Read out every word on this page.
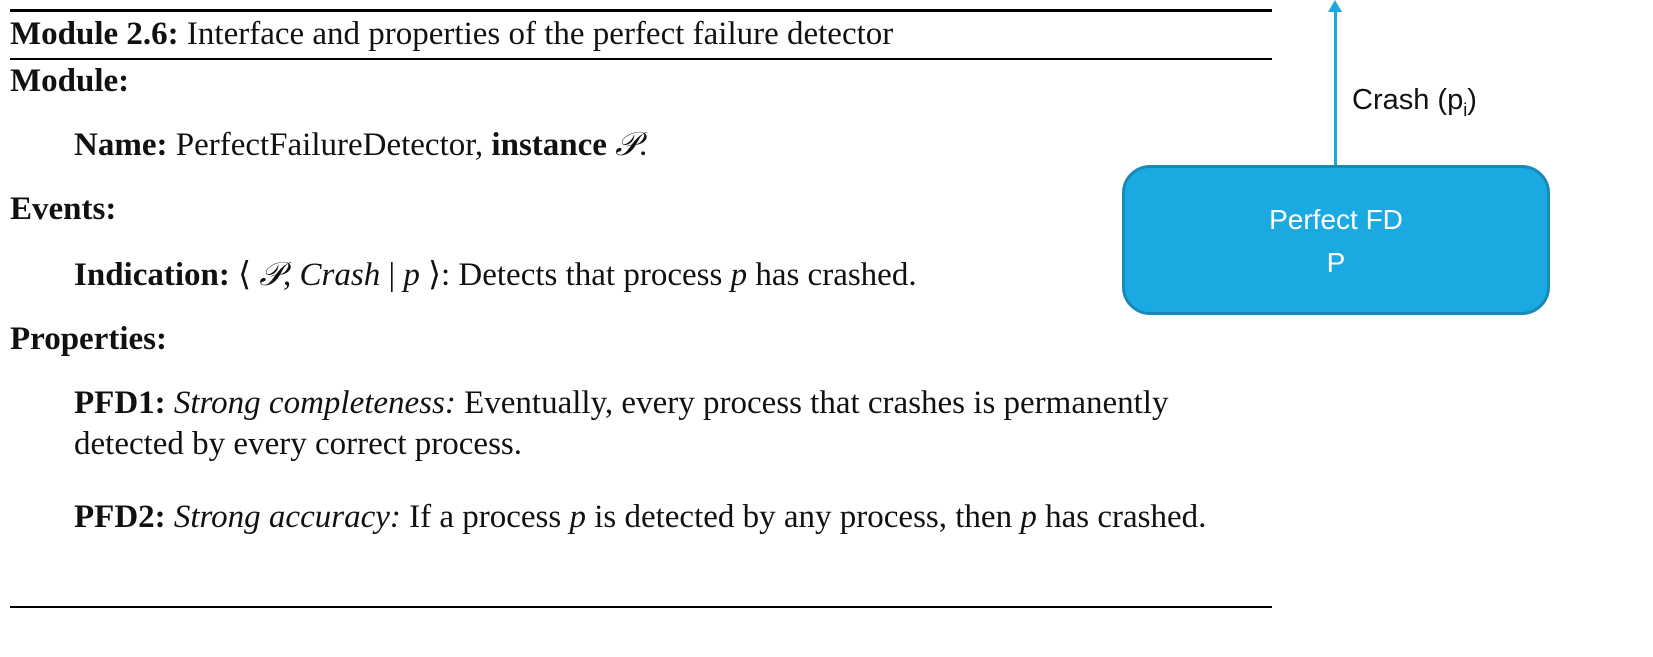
Module 2.6: Interface and properties of the perfect failure detector
Module:
Name: PerfectFailureDetector, instance 𝒫.
Events:
Indication: ⟨ 𝒫, Crash | p ⟩: Detects that process p has crashed.
Properties:
PFD1: Strong completeness: Eventually, every process that crashes is permanently detected by every correct process.
PFD2: Strong accuracy: If a process p is detected by any process, then p has crashed.
Crash $(p_i)$
Perfect FD
P
